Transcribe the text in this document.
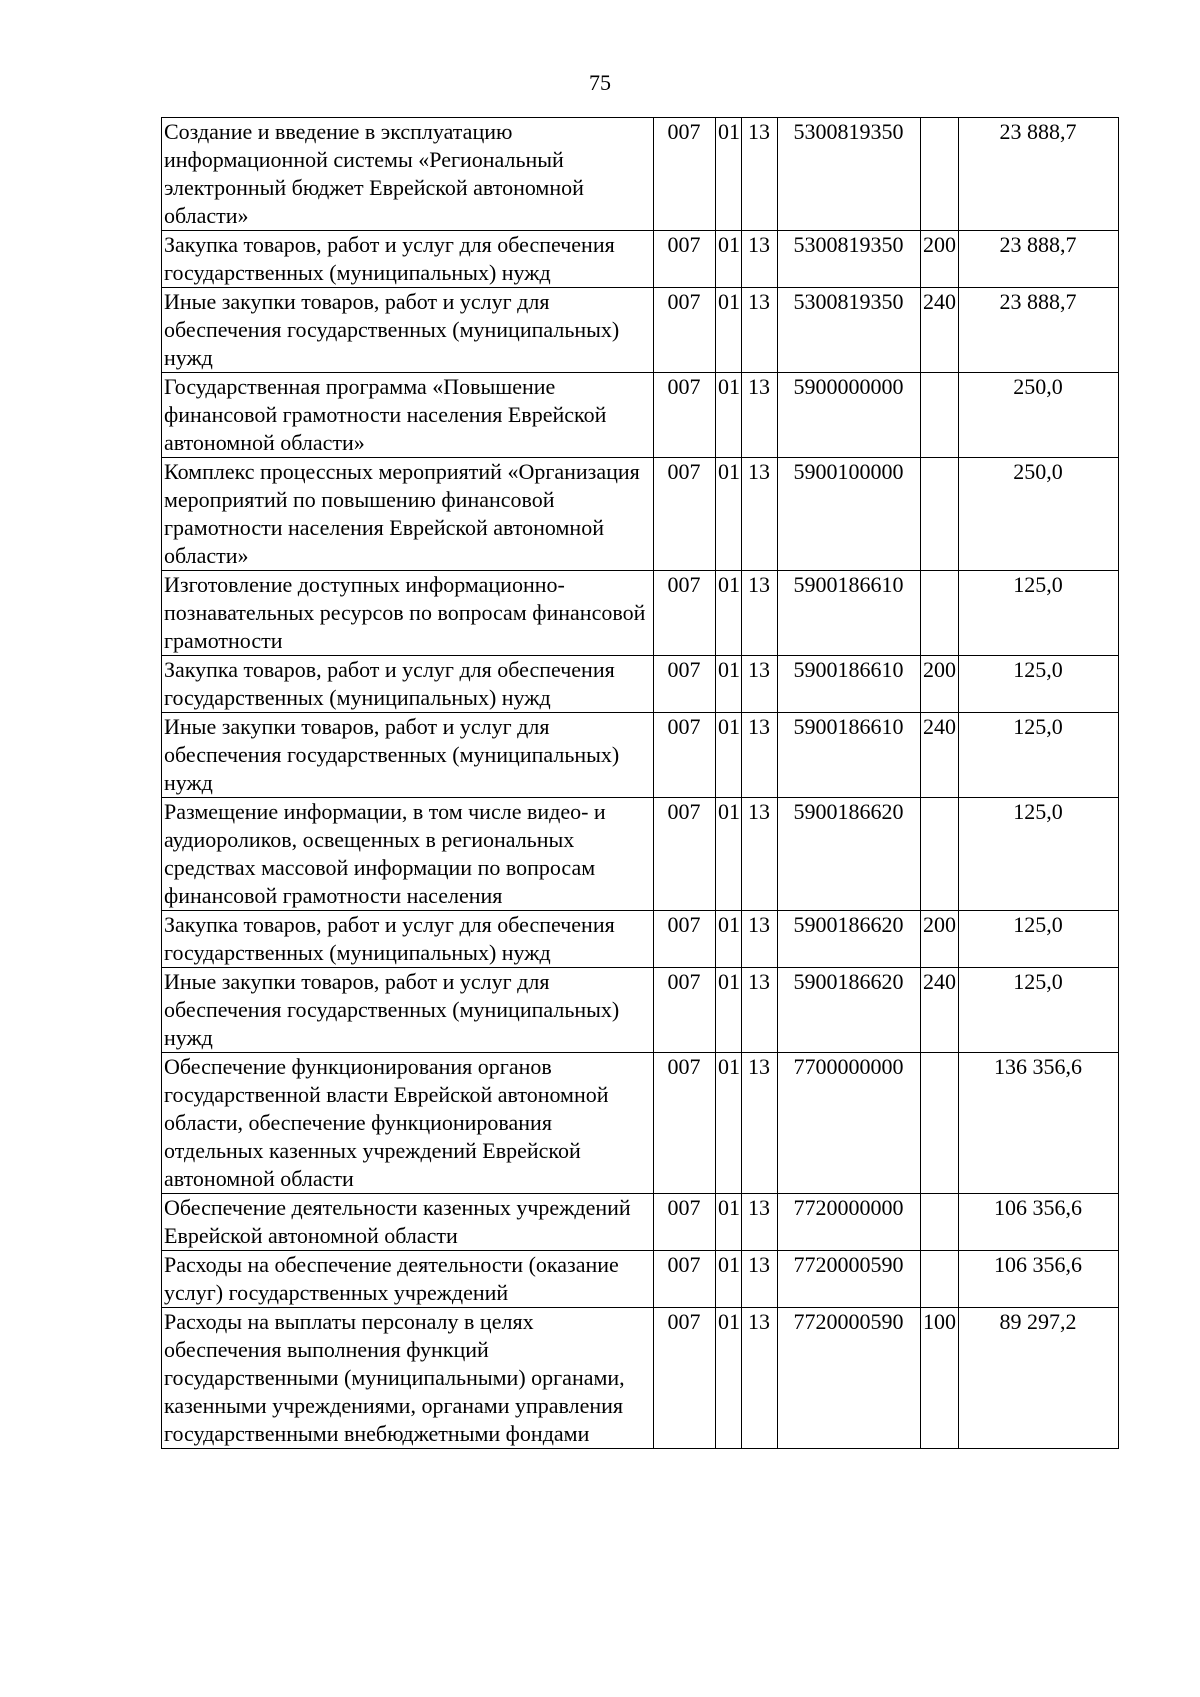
75
Создание и введение в эксплуатацию информационной системы «Региональный электронный бюджет Еврейской автономной области»	007	01	13	5300819350		23 888,7
Закупка товаров, работ и услуг для обеспечения государственных (муниципальных) нужд	007	01	13	5300819350	200	23 888,7
Иные закупки товаров, работ и услуг для обеспечения государственных (муниципальных) нужд	007	01	13	5300819350	240	23 888,7
Государственная программа «Повышение финансовой грамотности населения Еврейской автономной области»	007	01	13	5900000000		250,0
Комплекс процессных мероприятий «Организация мероприятий по повышению финансовой грамотности населения Еврейской автономной области»	007	01	13	5900100000		250,0
Изготовление доступных информационно-познавательных ресурсов по вопросам финансовой грамотности	007	01	13	5900186610		125,0
Закупка товаров, работ и услуг для обеспечения государственных (муниципальных) нужд	007	01	13	5900186610	200	125,0
Иные закупки товаров, работ и услуг для обеспечения государственных (муниципальных) нужд	007	01	13	5900186610	240	125,0
Размещение информации, в том числе видео- и аудиороликов, освещенных в региональных средствах массовой информации по вопросам финансовой грамотности населения	007	01	13	5900186620		125,0
Закупка товаров, работ и услуг для обеспечения государственных (муниципальных) нужд	007	01	13	5900186620	200	125,0
Иные закупки товаров, работ и услуг для обеспечения государственных (муниципальных) нужд	007	01	13	5900186620	240	125,0
Обеспечение функционирования органов государственной власти Еврейской автономной области, обеспечение функционирования отдельных казенных учреждений Еврейской автономной области	007	01	13	7700000000		136 356,6
Обеспечение деятельности казенных учреждений Еврейской автономной области	007	01	13	7720000000		106 356,6
Расходы на обеспечение деятельности (оказание услуг) государственных учреждений	007	01	13	7720000590		106 356,6
Расходы на выплаты персоналу в целях обеспечения выполнения функций государственными (муниципальными) органами, казенными учреждениями, органами управления государственными внебюджетными фондами	007	01	13	7720000590	100	89 297,2
